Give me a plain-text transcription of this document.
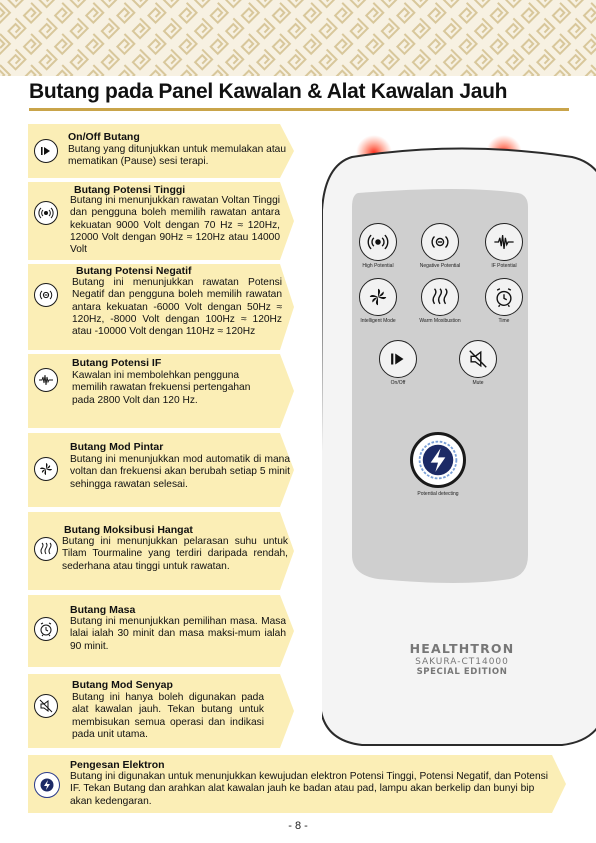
Butang pada Panel Kawalan & Alat Kawalan Jauh
On/Off Butang
Butang yang ditunjukkan untuk memulakan atau mematikan (Pause) sesi terapi.
Butang Potensi Tinggi
Butang ini menunjukkan rawatan Voltan Tinggi dan pengguna boleh memilih rawatan antara kekuatan 9000 Volt dengan 70 Hz ≈ 120Hz, 12000 Volt dengan 90Hz ≈ 120Hz atau 14000 Volt
Butang Potensi Negatif
Butang ini menunjukkan rawatan Potensi Negatif dan pengguna boleh memilih rawatan antara kekuatan -6000 Volt dengan 50Hz ≈ 120Hz, -8000 Volt dengan 100Hz ≈ 120Hz atau -10000 Volt dengan 110Hz ≈ 120Hz
Butang Potensi IF
Kawalan ini membolehkan pengguna memilih rawatan frekuensi pertengahan pada 2800 Volt dan 120 Hz.
Butang Mod Pintar
Butang ini menunjukkan mod automatik di mana voltan dan frekuensi akan berubah setiap 5 minit sehingga rawatan selesai.
Butang Moksibusi Hangat
Butang ini menunjukkan pelarasan suhu untuk Tilam Tourmaline yang terdiri daripada rendah, sederhana atau tinggi untuk rawatan.
Butang Masa
Butang ini menunjukkan pemilihan masa. Masa lalai ialah 30 minit dan masa maksi-mum ialah 90 minit.
Butang Mod Senyap
Butang ini hanya boleh digunakan pada alat kawalan jauh. Tekan butang untuk membisukan semua operasi dan indikasi pada unit utama.
Pengesan Elektron
Butang ini digunakan untuk menunjukkan kewujudan elektron Potensi Tinggi, Potensi Negatif, dan Potensi IF. Tekan Butang dan arahkan alat kawalan jauh ke badan atau pad, lampu akan berkelip dan bunyi bip akan kedengaran.
High Potential	Negative Potential	IF Potential
Intelligent Mode	Warm Moxibustion	Time
On/Off	Mute
Potential detecting
HEALTHTRON
SAKURA-CT14000
SPECIAL EDITION
- 8 -
